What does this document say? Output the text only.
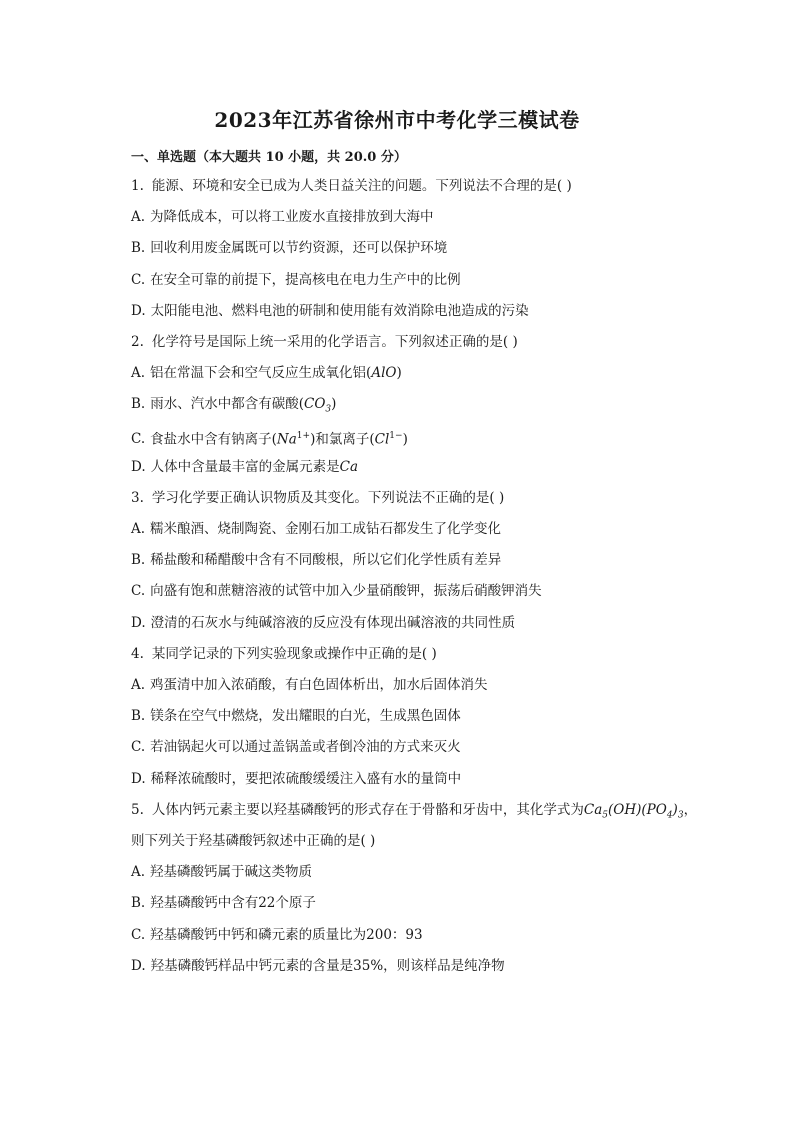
2023年江苏省徐州市中考化学三模试卷
一、单选题（本大题共 10 小题，共 20.0 分）
1. 能源、环境和安全已成为人类日益关注的问题。下列说法不合理的是( )
A. 为降低成本，可以将工业废水直接排放到大海中
B. 回收利用废金属既可以节约资源，还可以保护环境
C. 在安全可靠的前提下，提高核电在电力生产中的比例
D. 太阳能电池、燃料电池的研制和使用能有效消除电池造成的污染
2. 化学符号是国际上统一采用的化学语言。下列叙述正确的是( )
A. 铝在常温下会和空气反应生成氧化铝(AlO)
B. 雨水、汽水中都含有碳酸$(CO_3)$
C. 食盐水中含有钠离子$(Na^{1+})$和氯离子$(Cl^{1-})$
D. 人体中含量最丰富的金属元素是Ca
3. 学习化学要正确认识物质及其变化。下列说法不正确的是( )
A. 糯米酿酒、烧制陶瓷、金刚石加工成钻石都发生了化学变化
B. 稀盐酸和稀醋酸中含有不同酸根，所以它们化学性质有差异
C. 向盛有饱和蔗糖溶液的试管中加入少量硝酸钾，振荡后硝酸钾消失
D. 澄清的石灰水与纯碱溶液的反应没有体现出碱溶液的共同性质
4. 某同学记录的下列实验现象或操作中正确的是( )
A. 鸡蛋清中加入浓硝酸，有白色固体析出，加水后固体消失
B. 镁条在空气中燃烧，发出耀眼的白光，生成黑色固体
C. 若油锅起火可以通过盖锅盖或者倒冷油的方式来灭火
D. 稀释浓硫酸时，要把浓硫酸缓缓注入盛有水的量筒中
5. 人体内钙元素主要以羟基磷酸钙的形式存在于骨骼和牙齿中，其化学式为$Ca_5(OH)(PO_4)_3$，
则下列关于羟基磷酸钙叙述中正确的是( )
A. 羟基磷酸钙属于碱这类物质
B. 羟基磷酸钙中含有22个原子
C. 羟基磷酸钙中钙和磷元素的质量比为200：93
D. 羟基磷酸钙样品中钙元素的含量是35%，则该样品是纯净物
